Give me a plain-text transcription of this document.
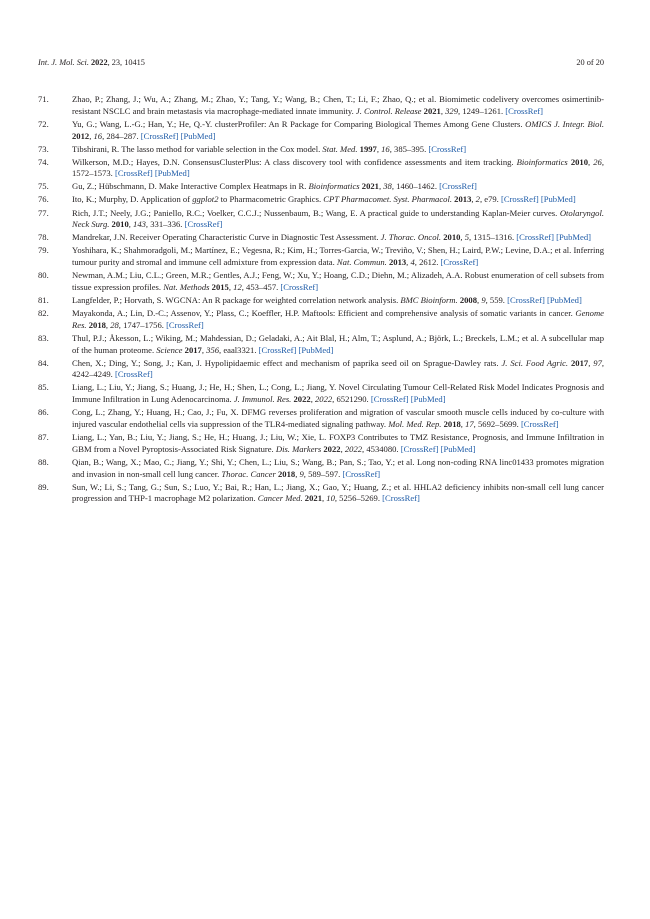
Int. J. Mol. Sci. 2022, 23, 10415	20 of 20
71.	Zhao, P.; Zhang, J.; Wu, A.; Zhang, M.; Zhao, Y.; Tang, Y.; Wang, B.; Chen, T.; Li, F.; Zhao, Q.; et al. Biomimetic codelivery overcomes osimertinib-resistant NSCLC and brain metastasis via macrophage-mediated innate immunity. J. Control. Release 2021, 329, 1249–1261. [CrossRef]
72.	Yu, G.; Wang, L.-G.; Han, Y.; He, Q.-Y. clusterProfiler: An R Package for Comparing Biological Themes Among Gene Clusters. OMICS J. Integr. Biol. 2012, 16, 284–287. [CrossRef] [PubMed]
73.	Tibshirani, R. The lasso method for variable selection in the Cox model. Stat. Med. 1997, 16, 385–395. [CrossRef]
74.	Wilkerson, M.D.; Hayes, D.N. ConsensusClusterPlus: A class discovery tool with confidence assessments and item tracking. Bioinformatics 2010, 26, 1572–1573. [CrossRef] [PubMed]
75.	Gu, Z.; Hübschmann, D. Make Interactive Complex Heatmaps in R. Bioinformatics 2021, 38, 1460–1462. [CrossRef]
76.	Ito, K.; Murphy, D. Application of ggplot2 to Pharmacometric Graphics. CPT Pharmacomet. Syst. Pharmacol. 2013, 2, e79. [CrossRef] [PubMed]
77.	Rich, J.T.; Neely, J.G.; Paniello, R.C.; Voelker, C.C.J.; Nussenbaum, B.; Wang, E. A practical guide to understanding Kaplan-Meier curves. Otolaryngol. Neck Surg. 2010, 143, 331–336. [CrossRef]
78.	Mandrekar, J.N. Receiver Operating Characteristic Curve in Diagnostic Test Assessment. J. Thorac. Oncol. 2010, 5, 1315–1316. [CrossRef] [PubMed]
79.	Yoshihara, K.; Shahmoradgoli, M.; Martínez, E.; Vegesna, R.; Kim, H.; Torres-Garcia, W.; Treviño, V.; Shen, H.; Laird, P.W.; Levine, D.A.; et al. Inferring tumour purity and stromal and immune cell admixture from expression data. Nat. Commun. 2013, 4, 2612. [CrossRef]
80.	Newman, A.M.; Liu, C.L.; Green, M.R.; Gentles, A.J.; Feng, W.; Xu, Y.; Hoang, C.D.; Diehn, M.; Alizadeh, A.A. Robust enumeration of cell subsets from tissue expression profiles. Nat. Methods 2015, 12, 453–457. [CrossRef]
81.	Langfelder, P.; Horvath, S. WGCNA: An R package for weighted correlation network analysis. BMC Bioinform. 2008, 9, 559. [CrossRef] [PubMed]
82.	Mayakonda, A.; Lin, D.-C.; Assenov, Y.; Plass, C.; Koeffler, H.P. Maftools: Efficient and comprehensive analysis of somatic variants in cancer. Genome Res. 2018, 28, 1747–1756. [CrossRef]
83.	Thul, P.J.; Åkesson, L.; Wiking, M.; Mahdessian, D.; Geladaki, A.; Ait Blal, H.; Alm, T.; Asplund, A.; Björk, L.; Breckels, L.M.; et al. A subcellular map of the human proteome. Science 2017, 356, eaal3321. [CrossRef] [PubMed]
84.	Chen, X.; Ding, Y.; Song, J.; Kan, J. Hypolipidaemic effect and mechanism of paprika seed oil on Sprague-Dawley rats. J. Sci. Food Agric. 2017, 97, 4242–4249. [CrossRef]
85.	Liang, L.; Liu, Y.; Jiang, S.; Huang, J.; He, H.; Shen, L.; Cong, L.; Jiang, Y. Novel Circulating Tumour Cell-Related Risk Model Indicates Prognosis and Immune Infiltration in Lung Adenocarcinoma. J. Immunol. Res. 2022, 2022, 6521290. [CrossRef] [PubMed]
86.	Cong, L.; Zhang, Y.; Huang, H.; Cao, J.; Fu, X. DFMG reverses proliferation and migration of vascular smooth muscle cells induced by co-culture with injured vascular endothelial cells via suppression of the TLR4-mediated signaling pathway. Mol. Med. Rep. 2018, 17, 5692–5699. [CrossRef]
87.	Liang, L.; Yan, B.; Liu, Y.; Jiang, S.; He, H.; Huang, J.; Liu, W.; Xie, L. FOXP3 Contributes to TMZ Resistance, Prognosis, and Immune Infiltration in GBM from a Novel Pyroptosis-Associated Risk Signature. Dis. Markers 2022, 2022, 4534080. [CrossRef] [PubMed]
88.	Qian, B.; Wang, X.; Mao, C.; Jiang, Y.; Shi, Y.; Chen, L.; Liu, S.; Wang, B.; Pan, S.; Tao, Y.; et al. Long non-coding RNA linc01433 promotes migration and invasion in non-small cell lung cancer. Thorac. Cancer 2018, 9, 589–597. [CrossRef]
89.	Sun, W.; Li, S.; Tang, G.; Sun, S.; Luo, Y.; Bai, R.; Han, L.; Jiang, X.; Gao, Y.; Huang, Z.; et al. HHLA2 deficiency inhibits non-small cell lung cancer progression and THP-1 macrophage M2 polarization. Cancer Med. 2021, 10, 5256–5269. [CrossRef]
